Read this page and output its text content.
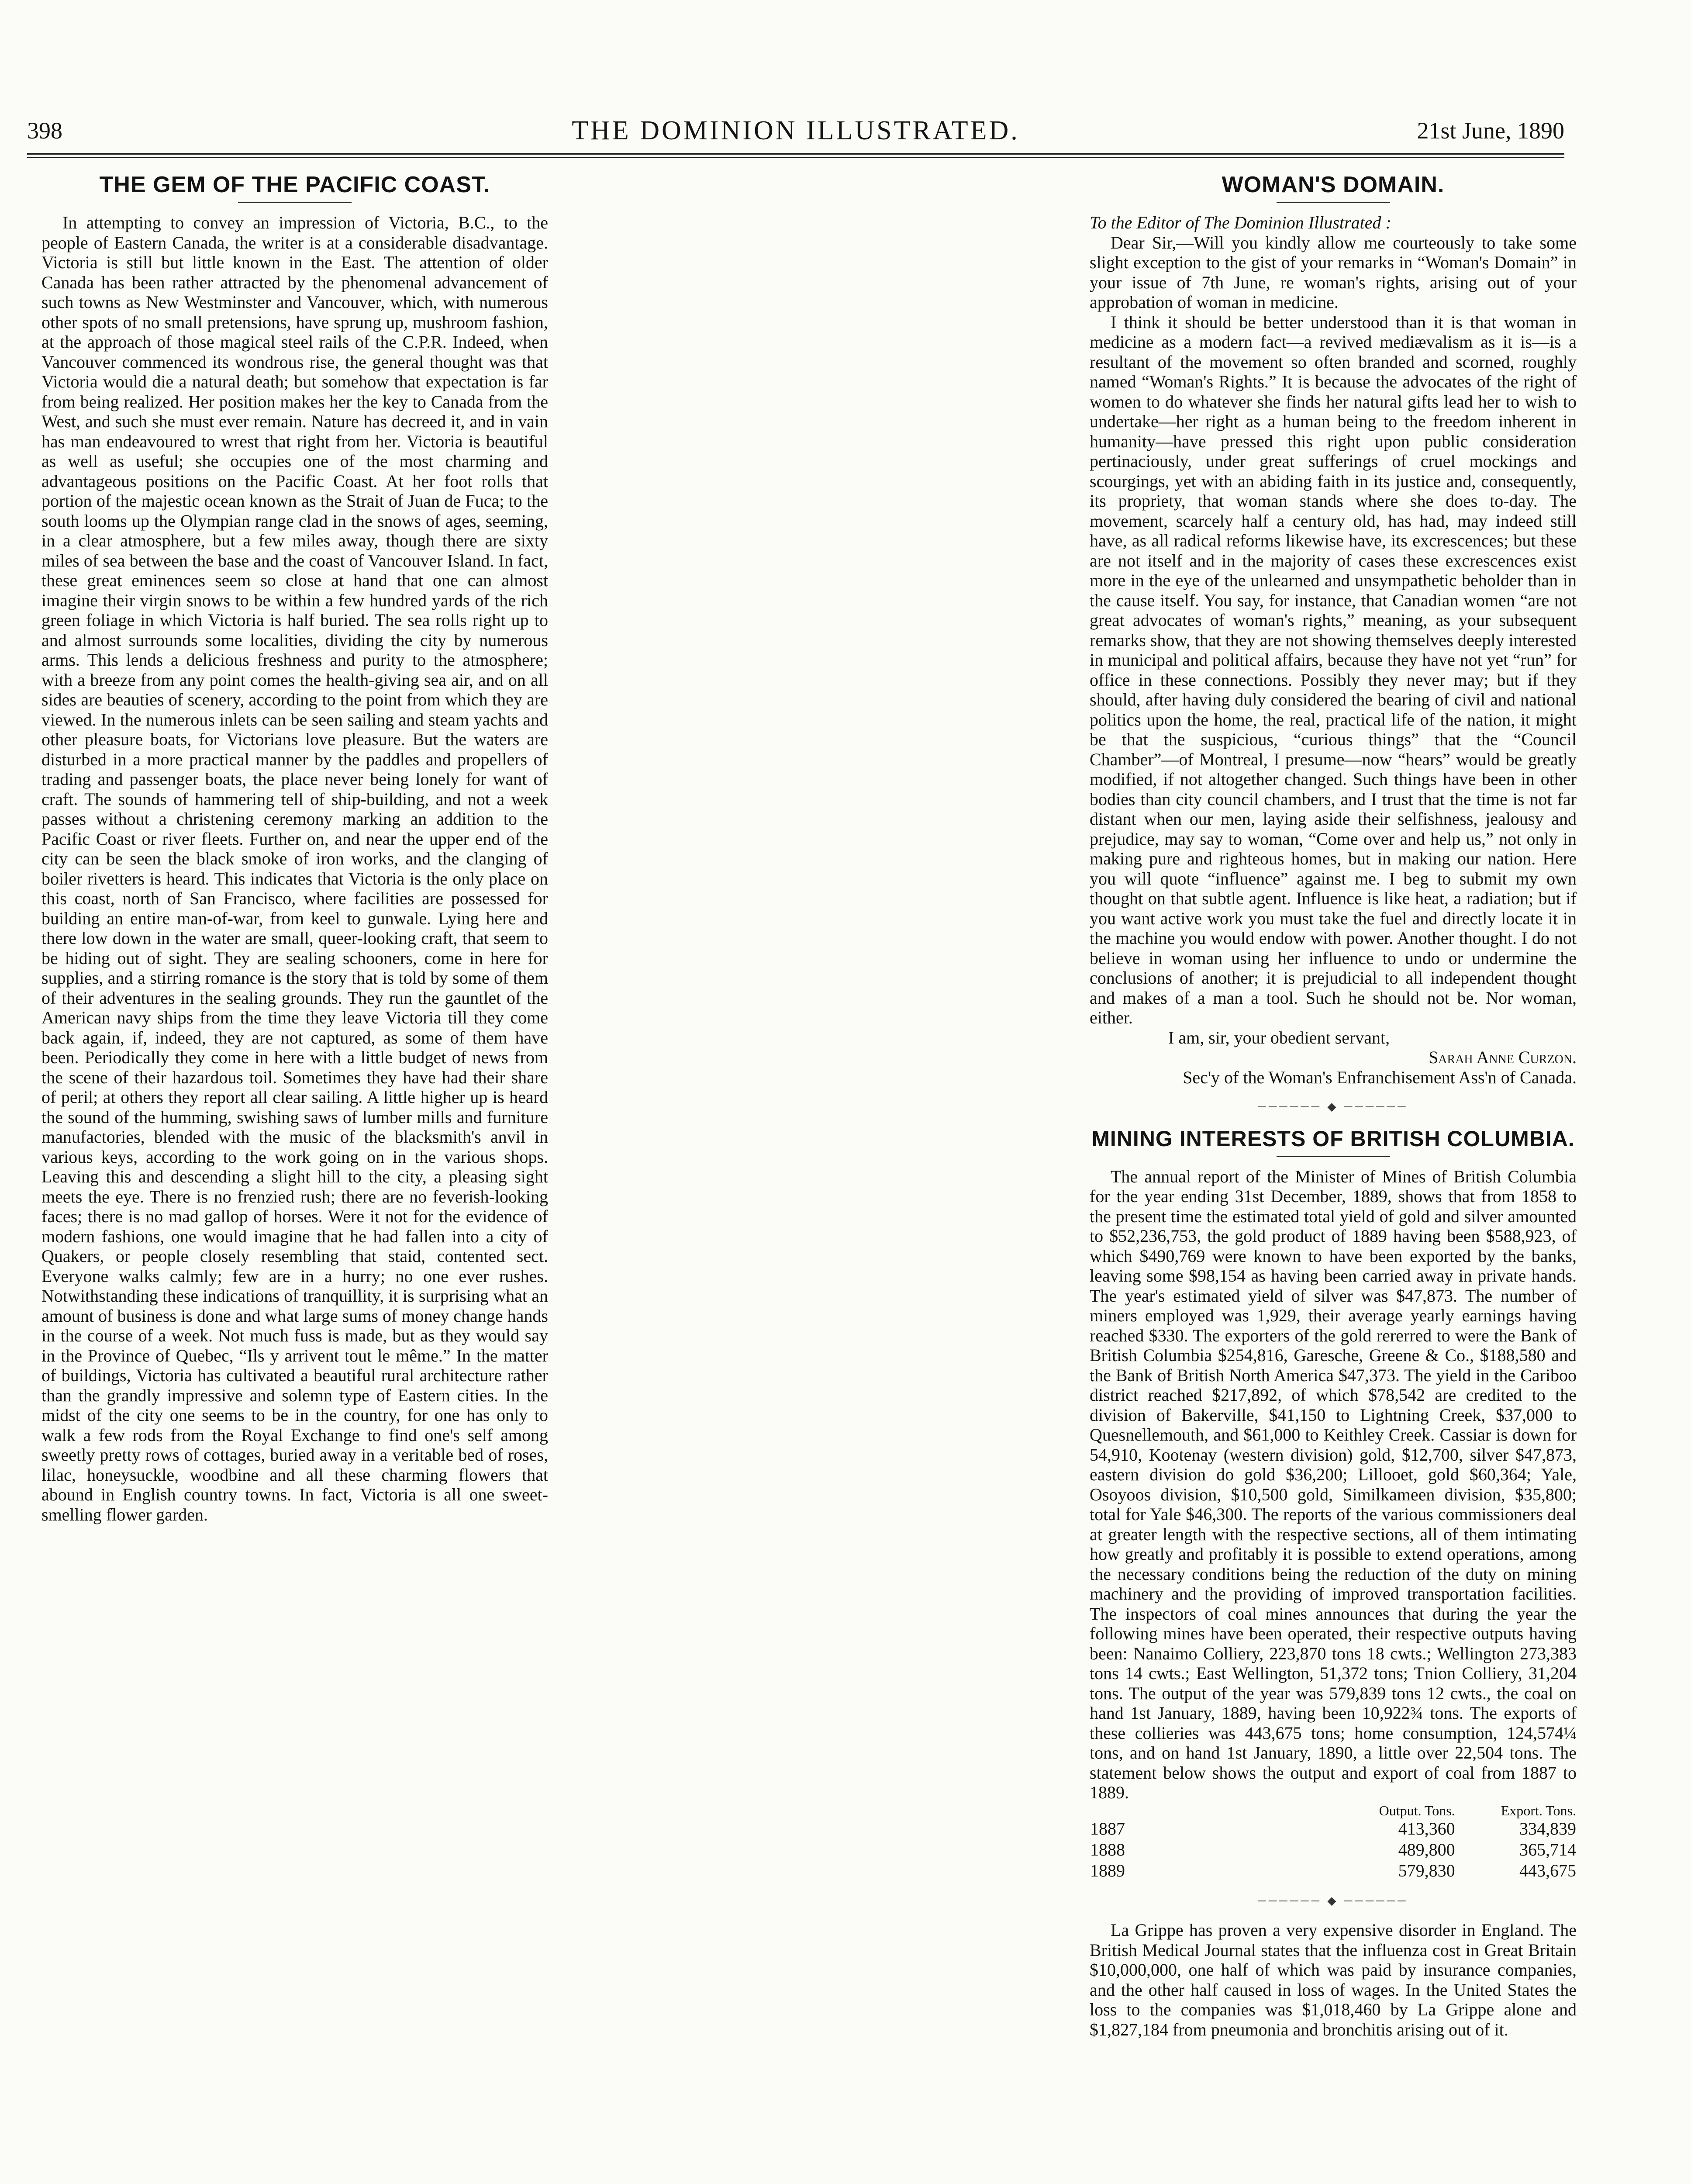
398	THE DOMINION ILLUSTRATED.	21st June, 1890
THE GEM OF THE PACIFIC COAST.

In attempting to convey an impression of Victoria, B.C., to the people of Eastern Canada, the writer is at a considerable disadvantage. Victoria is still but little known in the East. The attention of older Canada has been rather attracted by the phenomenal advancement of such towns as New Westminster and Vancouver, which, with numerous other spots of no small pretensions, have sprung up, mushroom fashion, at the approach of those magical steel rails of the C.P.R. Indeed, when Vancouver commenced its wondrous rise, the general thought was that Victoria would die a natural death; but somehow that expectation is far from being realized. Her position makes her the key to Canada from the West, and such she must ever remain. Nature has decreed it, and in vain has man endeavoured to wrest that right from her. Victoria is beautiful as well as useful; she occupies one of the most charming and advantageous positions on the Pacific Coast. At her foot rolls that portion of the majestic ocean known as the Strait of Juan de Fuca; to the south looms up the Olympian range clad in the snows of ages, seeming, in a clear atmosphere, but a few miles away, though there are sixty miles of sea between the base and the coast of Vancouver Island. In fact, these great eminences seem so close at hand that one can almost imagine their virgin snows to be within a few hundred yards of the rich green foliage in which Victoria is half buried. The sea rolls right up to and almost surrounds some localities, dividing the city by numerous arms. This lends a delicious freshness and purity to the atmosphere; with a breeze from any point comes the health-giving sea air, and on all sides are beauties of scenery, according to the point from which they are viewed. In the numerous inlets can be seen sailing and steam yachts and other pleasure boats, for Victorians love pleasure. But the waters are disturbed in a more practical manner by the paddles and propellers of trading and passenger boats, the place never being lonely for want of craft. The sounds of hammering tell of ship-building, and not a week passes without a christening ceremony marking an addition to the Pacific Coast or river fleets. Further on, and near the upper end of the city can be seen the black smoke of iron works, and the clanging of boiler rivetters is heard. This indicates that Victoria is the only place on this coast, north of San Francisco, where facilities are possessed for building an entire man-of-war, from keel to gunwale. Lying here and there low down in the water are small, queer-looking craft, that seem to be hiding out of sight. They are sealing schooners, come in here for supplies, and a stirring romance is the story that is told by some of them of their adventures in the sealing grounds. They run the gauntlet of the American navy ships from the time they leave Victoria till they come back again, if, indeed, they are not captured, as some of them have been. Periodically they come in here with a little budget of news from the scene of their hazardous toil. Sometimes they have had their share of peril; at others they report all clear sailing. A little higher up is heard the sound of the humming, swishing saws of lumber mills and furniture manufactories, blended with the music of the blacksmith's anvil in various keys, according to the work going on in the various shops. Leaving this and descending a slight hill to the city, a pleasing sight meets the eye. There is no frenzied rush; there are no feverish-looking faces; there is no mad gallop of horses. Were it not for the evidence of modern fashions, one would imagine that he had fallen into a city of Quakers, or people closely resembling that staid, contented sect. Everyone walks calmly; few are in a hurry; no one ever rushes. Notwithstanding these indications of tranquillity, it is surprising what an amount of business is done and what large sums of money change hands in the course of a week. Not much fuss is made, but as they would say in the Province of Quebec, “Ils y arrivent tout le même.” In the matter of buildings, Victoria has cultivated a beautiful rural architecture rather than the grandly impressive and solemn type of Eastern cities. In the midst of the city one seems to be in the country, for one has only to walk a few rods from the Royal Exchange to find one's self among sweetly pretty rows of cottages, buried away in a veritable bed of roses, lilac, honeysuckle, woodbine and all these charming flowers that abound in English country towns. In fact, Victoria is all one sweet-smelling flower garden.

WOMAN'S DOMAIN.

To the Editor of The Dominion Illustrated :

Dear Sir,—Will you kindly allow me courteously to take some slight exception to the gist of your remarks in “Woman's Domain” in your issue of 7th June, re woman's rights, arising out of your approbation of woman in medicine.

I think it should be better understood than it is that woman in medicine as a modern fact—a revived mediævalism as it is—is a resultant of the movement so often branded and scorned, roughly named “Woman's Rights.” It is because the advocates of the right of women to do whatever she finds her natural gifts lead her to wish to undertake—her right as a human being to the freedom inherent in humanity—have pressed this right upon public consideration pertinaciously, under great sufferings of cruel mockings and scourgings, yet with an abiding faith in its justice and, consequently, its propriety, that woman stands where she does to-day. The movement, scarcely half a century old, has had, may indeed still have, as all radical reforms likewise have, its excrescences; but these are not itself and in the majority of cases these excrescences exist more in the eye of the unlearned and unsympathetic beholder than in the cause itself. You say, for instance, that Canadian women “are not great advocates of woman's rights,” meaning, as your subsequent remarks show, that they are not showing themselves deeply interested in municipal and political affairs, because they have not yet “run” for office in these connections. Possibly they never may; but if they should, after having duly considered the bearing of civil and national politics upon the home, the real, practical life of the nation, it might be that the suspicious, “curious things” that the “Council Chamber”—of Montreal, I presume—now “hears” would be greatly modified, if not altogether changed. Such things have been in other bodies than city council chambers, and I trust that the time is not far distant when our men, laying aside their selfishness, jealousy and prejudice, may say to woman, “Come over and help us,” not only in making pure and righteous homes, but in making our nation. Here you will quote “influence” against me. I beg to submit my own thought on that subtle agent. Influence is like heat, a radiation; but if you want active work you must take the fuel and directly locate it in the machine you would endow with power. Another thought. I do not believe in woman using her influence to undo or undermine the conclusions of another; it is prejudicial to all independent thought and makes of a man a tool. Such he should not be. Nor woman, either.

I am, sir, your obedient servant,

Sarah Anne Curzon.
Sec'y of the Woman's Enfranchisement Ass'n of Canada.
────── ◆ ──────
MINING INTERESTS OF BRITISH COLUMBIA.

The annual report of the Minister of Mines of British Columbia for the year ending 31st December, 1889, shows that from 1858 to the present time the estimated total yield of gold and silver amounted to $52,236,753, the gold product of 1889 having been $588,923, of which $490,769 were known to have been exported by the banks, leaving some $98,154 as having been carried away in private hands. The year's estimated yield of silver was $47,873. The number of miners employed was 1,929, their average yearly earnings having reached $330. The exporters of the gold rererred to were the Bank of British Columbia $254,816, Garesche, Greene & Co., $188,580 and the Bank of British North America $47,373. The yield in the Cariboo district reached $217,892, of which $78,542 are credited to the division of Bakerville, $41,150 to Lightning Creek, $37,000 to Quesnellemouth, and $61,000 to Keithley Creek. Cassiar is down for 54,910, Kootenay (western division) gold, $12,700, silver $47,873, eastern division do gold $36,200; Lillooet, gold $60,364; Yale, Osoyoos division, $10,500 gold, Similkameen division, $35,800; total for Yale $46,300. The reports of the various commissioners deal at greater length with the respective sections, all of them intimating how greatly and profitably it is possible to extend operations, among the necessary conditions being the reduction of the duty on mining machinery and the providing of improved transportation facilities. The inspectors of coal mines announces that during the year the following mines have been operated, their respective outputs having been: Nanaimo Colliery, 223,870 tons 18 cwts.; Wellington 273,383 tons 14 cwts.; East Wellington, 51,372 tons; Tnion Colliery, 31,204 tons. The output of the year was 579,839 tons 12 cwts., the coal on hand 1st January, 1889, having been 10,922¾ tons. The exports of these collieries was 443,675 tons; home consumption, 124,574¼ tons, and on hand 1st January, 1890, a little over 22,504 tons. The statement below shows the output and export of coal from 1887 to 1889.

	Output. Tons.	Export. Tons.
1887	413,360	334,839
1888	489,800	365,714
1889	579,830	443,675
────── ◆ ──────

La Grippe has proven a very expensive disorder in England. The British Medical Journal states that the influenza cost in Great Britain $10,000,000, one half of which was paid by insurance companies, and the other half caused in loss of wages. In the United States the loss to the companies was $1,018,460 by La Grippe alone and $1,827,184 from pneumonia and bronchitis arising out of it.
